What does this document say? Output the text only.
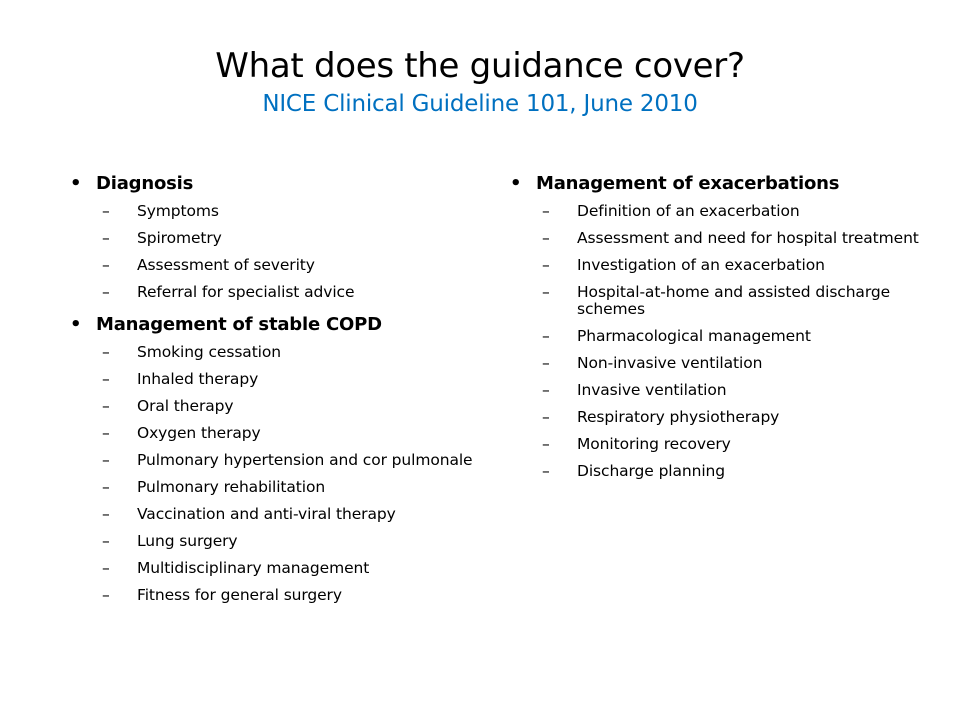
What does the guidance cover?
NICE Clinical Guideline 101, June 2010
• Diagnosis
– Symptoms
– Spirometry
– Assessment of severity
– Referral for specialist advice
• Management of stable COPD
– Smoking cessation
– Inhaled therapy
– Oral therapy
– Oxygen therapy
– Pulmonary hypertension and cor pulmonale
– Pulmonary rehabilitation
– Vaccination and anti-viral therapy
– Lung surgery
– Multidisciplinary management
– Fitness for general surgery
• Management of exacerbations
– Definition of an exacerbation
– Assessment and need for hospital treatment
– Investigation of an exacerbation
– Hospital-at-home and assisted discharge schemes
– Pharmacological management
– Non-invasive ventilation
– Invasive ventilation
– Respiratory physiotherapy
– Monitoring recovery
– Discharge planning
